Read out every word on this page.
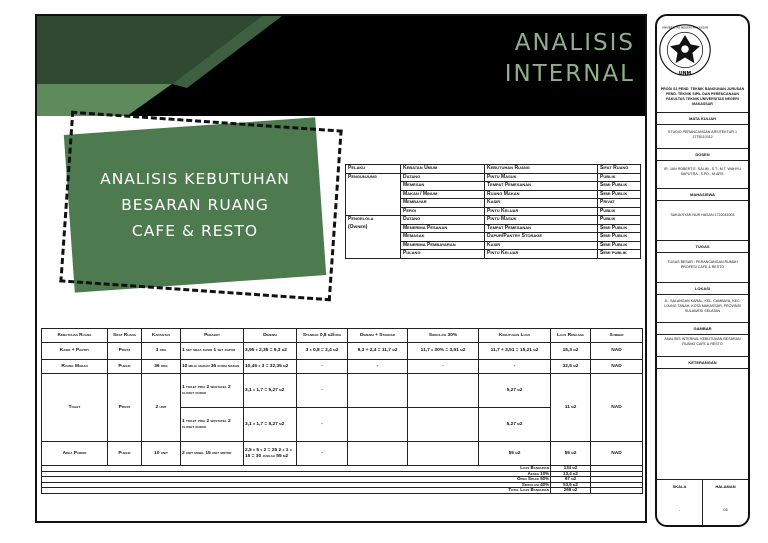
ANALISIS
INTERNAL
ANALISIS KEBUTUHAN
BESARAN RUANG
CAFE & RESTO
Pelaku	Kebatan Umum	Kebutuhan Ruang	Sifat Ruang
Pengunjung	Datang	Pintu Masuk	Publik
	Memesan	Tempat Pemesanan	Semi Publik
	Makan / Minum	Ruang Makan	Semi Publik
	Membayar	Kasir	Privat
	Pergi	Pintu Keluar	Publik
Pengelola	Datang	Pintu Masuk	Publik
(Owner)	Menerima Pesanan	Tempat Pemesanan	Semi Publik
	Memasak	Dapur/Pantry Storage	Semi Publik
	Menerima Pembayaran	Kasir	Semi Publik
	Pulang	Pintu Keluar	Semi publik
Kebutuhan Ruang	Sifat Ruang	Kapasitas	Perabot	Dimensi	Standar 0,8 m2/org	Dimensi + Standar	Sirkulasi 30%	Kebutuhan Luas	Luas Rencana	Sumber
Kasir + Pantry	Privat	3 org	1 set meja kasir 1 set dapur	3,95 x 2,35 = 9,3 m2	3 x 0,8 = 2,4 m2	9,3 + 2,4 = 11,7 m2	11,7 x 30% = 3,51 m2	11,7 + 3,51 = 15,21 m2	15,3 m2	NAD
Ruang Makan	Publik	36 org	10 meja makan 36 kursi makan	10,45 x 3 = 32,35 m2	-	-	-	-	32,5 m2	NAD
Toilet	Privat	2 unit	1 toilet pria 2 wastafel 2 closet duduk	3,1 x 1,7 = 5,27 m2	-			5,27 m2	11 m2	NAD
			1 toilet pria 2 wastafel 2 closet duduk	3,1 x 1,7 = 5,27 m2	-			5,27 m2		
Area Parkir	Publik	10 unit	2 unit mobil 15 unit motor	2,5 x 5 x 2 = 25 2 x 1 x 15 = 30 jumlah 55 m2	-			55 m2	55 m2	NAD
Luas Bangunan									134 m2	
Akses 10%									13,4 m2	
Open Space 50%									67 m2	
Sirkulasi 40%									53,6 m2	
Total Luas Bangunan									268 m2	
UNM
UNIVERSITAS NEGERI MAKASSAR
PRODI S1 PEND. TEKNIK BANGUNAN JURUSAN PEND. TEKNIK SIPIL DAN PERENCANAAN FAKULTAS TEKNIK UNIVERSITAS NEGERI MAKASSAR
MATA KULIAH
STUDIO PERANCANGAN ARSITEKTUR 1 17TB110312
DOSEN
IR. JAN ROBERT E. SALIM., S.T., M.T. WAHYU SAPUTRA., S.PD., M.ARS.
MAHASISWA
SAKIA SYAH NUR HASAN 1722041003
TUGAS
TUGAS BESAR : PERANCANGAN RUMAH PROFESI CAFE & RESTO
LOKASI
JL. SALANGAN KARAL, KEL. CAMBAYA, KEC. UJUNG TANAH, KOTA MAKASSAR, PROVINSI SULAWESI SELATAN
GAMBAR
ANALISIS INTERNAL KEBUTUHAN BESARAN RUANG CAFE & RESTO
KETERANGAN
SKALA
-
HALAMAN
05
